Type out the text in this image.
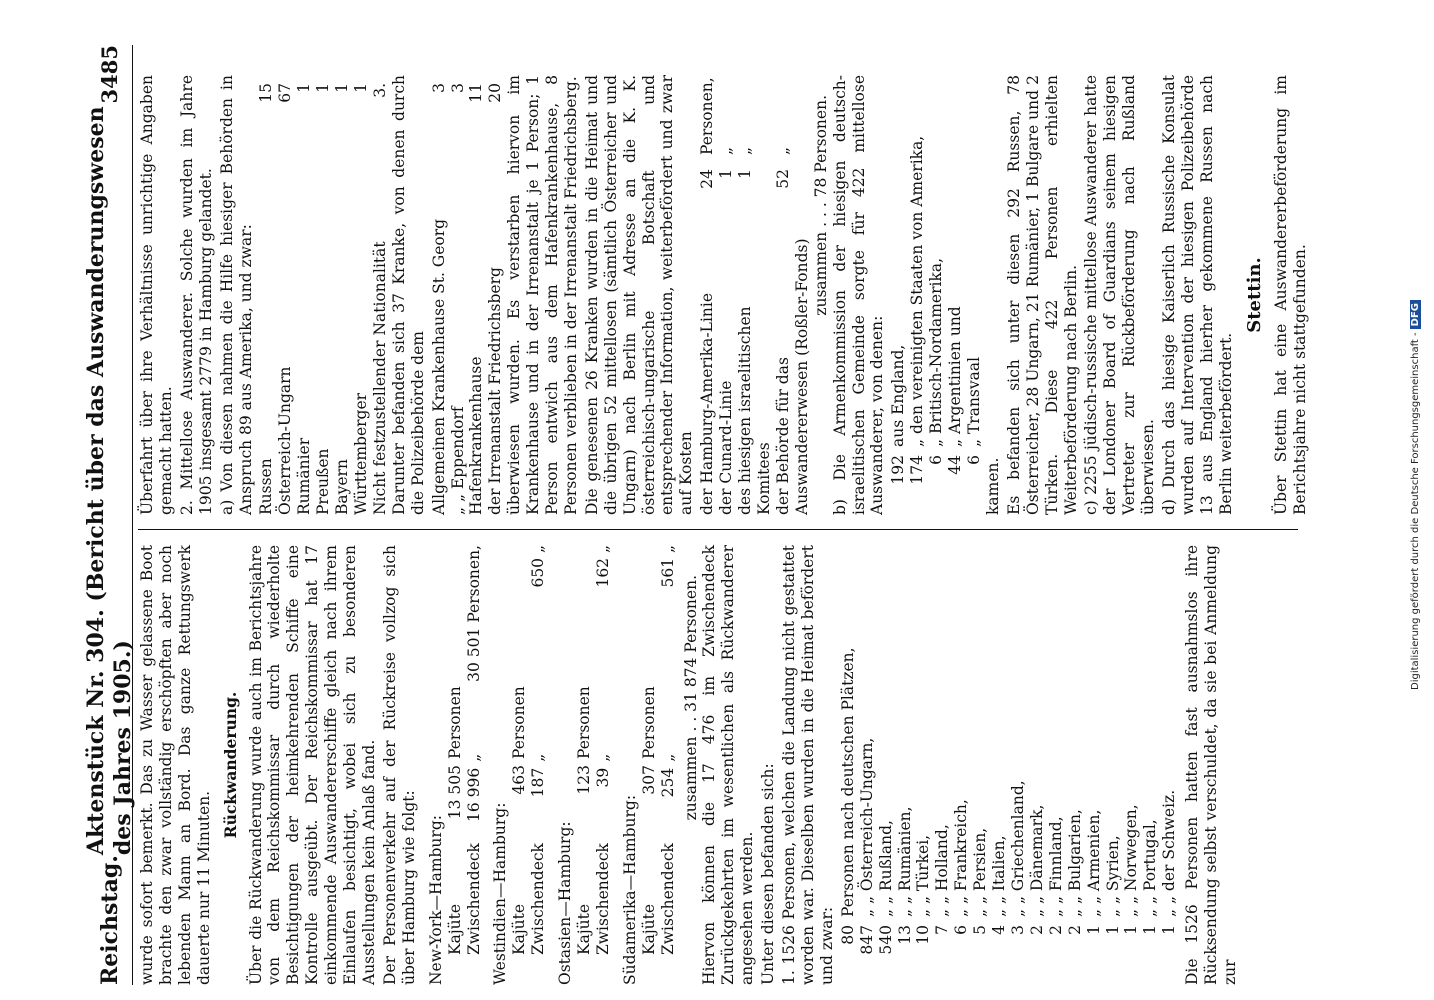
Reichstag.
Aktenstück Nr. 304. (Bericht über das Auswanderungswesen des Jahres 1905.)
3485

wurde sofort bemerkt. Das zu Wasser gelassene Boot brachte den zwar vollständig erschöpften aber noch lebenden Mann an Bord. Das ganze Rettungswerk dauerte nur 11 Minuten.

Rückwanderung. Über die Rückwanderung wurde auch im Berichtsjahre von dem Reichskommissar durch wiederholte Besichtigungen der heimkehrenden Schiffe eine Kontrolle ausgeübt. Der Reichskommissar hat 17 einkommende Auswandererschiffe gleich nach ihrem Einlaufen besichtigt, wobei sich zu besonderen Ausstellungen kein Anlaß fand. Der Personenverkehr auf der Rückreise vollzog sich über Hamburg wie folgt: New-York—Hamburg: Kajüte
13 505
Personen
Zwischendeck
16 996
„
30 501 Personen,
Westindien—Hamburg: Kajüte
463
Personen
Zwischendeck
187
„
650 „
Ostasien—Hamburg: Kajüte
123
Personen
Zwischendeck
39
„
162 „
Südamerika—Hamburg: Kajüte
307
Personen
Zwischendeck
254
„
561 „
zusammen . . 31 874 Personen. Hiervon können die 17 476 im Zwischendeck Zurückgekehrten im wesentlichen als Rückwanderer angesehen werden. Unter diesen befanden sich: 1. 1526 Personen, welchen die Landung nicht gestattet worden war. Dieselben wurden in die Heimat befördert und zwar: 80
Personen nach deutschen Plätzen,
847
„ „ Österreich-Ungarn,
540
„ „ Rußland,
13
„ „ Rumänien,
10
„ „ Türkei,
7
„ „ Holland,
6
„ „ Frankreich,
5
„ „ Persien,
4
„ „ Italien,
3
„ „ Griechenland,
2
„ „ Dänemark,
2
„ „ Finnland,
2
„ „ Bulgarien,
1
„ „ Armenien,
1
„ „ Syrien,
1
„ „ Norwegen,
1
„ „ Portugal,
1
„ „ der Schweiz. Die 1526 Personen hatten fast ausnahmslos ihre Rücksendung selbst verschuldet, da sie bei Anmeldung zur

Überfahrt über ihre Verhältnisse unrichtige Angaben gemacht hatten. 2. Mittellose Auswanderer. Solche wurden im Jahre 1905 insgesamt 2779 in Hamburg gelandet. a) Von diesen nahmen die Hilfe hiesiger Behörden in Anspruch 89 aus Amerika, und zwar: Russen
15
Österreich-Ungarn
67
Rumänier
1
Preußen
1
Bayern
1
Württemberger
1
Nicht festzustellender Nationalität
3. Darunter befanden sich 37 Kranke, von denen durch die Polizeibehörde dem Allgemeinen Krankenhause St. Georg
3
„ „ Eppendorf
3
Hafenkrankenhause
11
der Irrenanstalt Friedrichsberg
20 überwiesen wurden. Es verstarben hiervon im Krankenhause und in der Irrenanstalt je 1 Person; 1 Person entwich aus dem Hafenkrankenhause, 8 Personen verblieben in der Irrenanstalt Friedrichsberg. Die genesenen 26 Kranken wurden in die Heimat und die übrigen 52 mittellosen (sämtlich Österreicher und Ungarn) nach Berlin mit Adresse an die K. K. österreichisch-ungarische Botschaft und entsprechender Information, weiterbefördert und zwar auf Kosten der Hamburg-Amerika-Linie
24
Personen,
der Cunard-Linie
1
„
des hiesigen israelitischen Komitees
1
„
der Behörde für das Auswandererwesen (Roßler-Fonds)
52
„ zusammen . . . 78 Personen. b) Die Armenkommission der hiesigen deutsch-israelitischen Gemeinde sorgte für 422 mittellose Auswanderer, von denen: 192
aus England,
174
„ den vereinigten Staaten von Amerika,
6
„ Britisch-Nordamerika,
44
„ Argentinien und
6
„ Transvaal

kamen. Es befanden sich unter diesen 292 Russen, 78 Österreicher, 28 Ungarn, 21 Rumänier, 1 Bulgare und 2 Türken. Diese 422 Personen erhielten Weiterbeförderung nach Berlin. c) 2255 jüdisch-russische mittellose Auswanderer hatte der Londoner Board of Guardians seinem hiesigen Vertreter zur Rückbeförderung nach Rußland überwiesen. d) Durch das hiesige Kaiserlich Russische Konsulat wurden auf Intervention der hiesigen Polizeibehörde 13 aus England hierher gekommene Russen nach Berlin weiterbefördert.

Stettin. Über Stettin hat eine Auswandererbeförderung im Berichtsjahre nicht stattgefunden.	Digitalisierung gefördert durch die Deutsche Forschungsgemeinschaft -DFG
